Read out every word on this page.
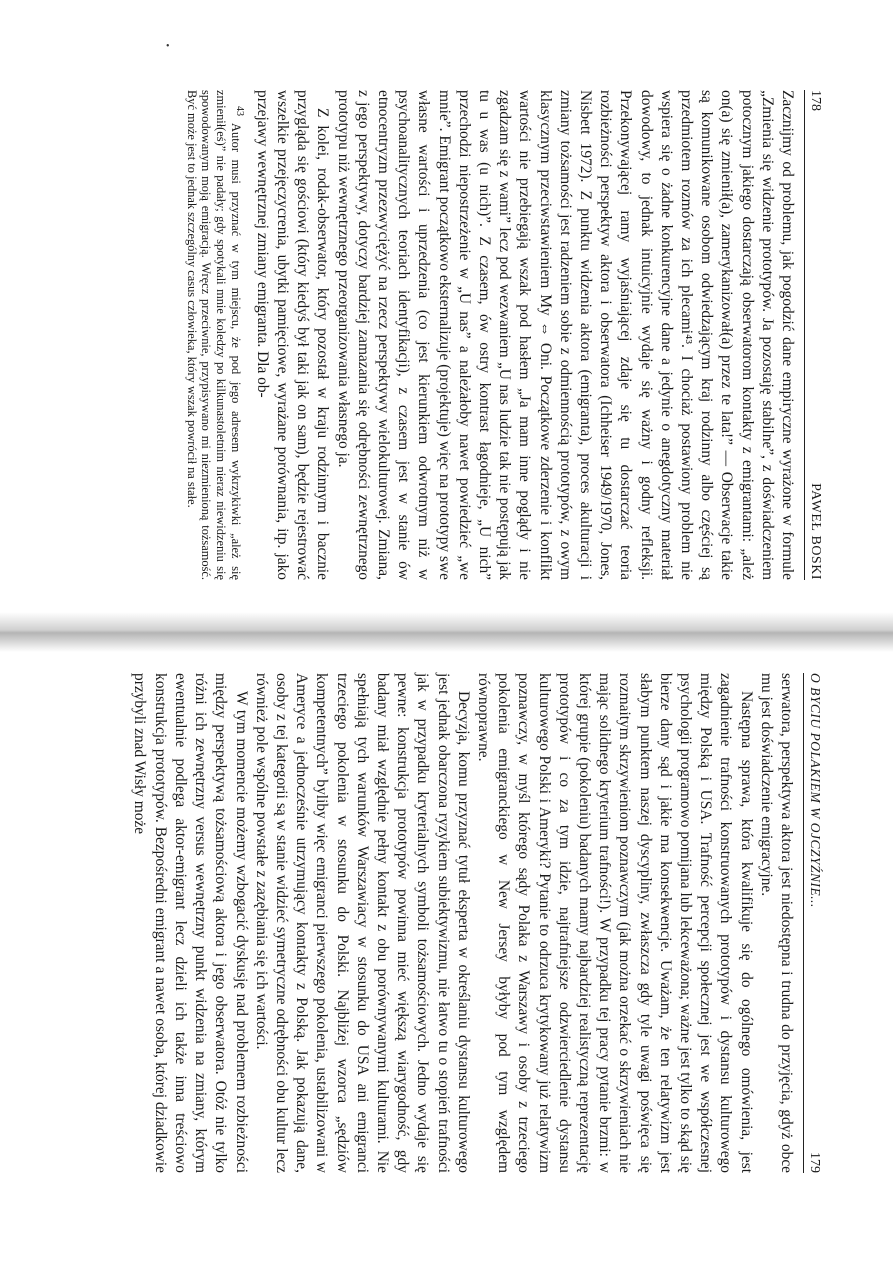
178
PAWEŁ BOSKI

Zacznijmy od problemu, jak pogodzić dane empiryczne wyrażone w formule „Zmienia się widzenie prototypów. Ja pozostaję stabilne”, z doświadczeniem potocznym jakiego dostarczają obserwatorom kontakty z emigrantami: „ależ on(a) się zmienił(a), zamerykanizował(a) przez te lata!” — Obserwacje takie są komunikowane osobom odwiedzającym kraj rodzinny albo częściej są przedmiotem rozmów za ich plecami⁴³. I chociaż postawiony problem nie wspiera się o żadne konkurencyjne dane a jedynie o anegdotyczny materiał dowodowy, to jednak intuicyjnie wydaje się ważny i godny refleksji. Przekonywającej ramy wyjaśniającej zdaje się tu dostarczać teoria rozbieżności perspektyw aktora i obserwatora (Ichheiser 1949/1970, Jones, Nisbett 1972). Z punktu widzenia aktora (emigranta), proces akulturacji i zmiany tożsamości jest radzeniem sobie z odmiennością prototypów, z owym klasycznym przeciwstawieniem My ⇔ Oni. Początkowe zderzenie i konflikt wartości nie przebiegają wszak pod hasłem „Ja mam inne poglądy i nie zgadzam się z wami” lecz pod wezwaniem „U nas ludzie tak nie postępują jak tu u was (u nich)”. Z czasem, ów ostry kontrast łagodnieje, „U nich” przechodzi niepostrzeżenie w „U nas” a należałoby nawet powiedzieć „we mnie”. Emigrant początkowo eksternalizuje (projektuje) więc na prototypy swe własne wartości i uprzedzenia (co jest kierunkiem odwrotnym niż w psychoanalitycznych teoriach identyfikacji), z czasem jest w stanie ów etnocentryzm przezwyciężyć na rzecz perspektywy wielokulturowej. Zmiana, z jego perspektywy, dotyczy bardziej zamazania się odrębności zewnętrznego prototypu niż wewnętrznego przeorganizowania własnego ja.

Z kolei, rodak-obserwator, który pozostał w kraju rodzinnym i bacznie przygląda się gościowi (który kiedyś był taki jak on sam), będzie rejestrować wszelkie przejęczycrenia, ubytki pamięciowe, wyrażane porównania, itp. jako przejawy wewnętrznej zmiany emigranta. Dla ob-

$^{43}$ Autor musi przyznać w tym miejscu, że pod jego adresem wykrzykiwki „ależ się zmienił(eś)” nie padały; gdy spotykali mnie koledzy po kilkunastoletnim nieraz niewidzeniu się spowodowanym moją emigracją. Wręcz przeciwnie, przypisywano mi niezmienioną tożsamość. Być może jest to jednak szczególny casus człowieka, który wszak powrócił na stałe.
O BYCIU POLAKIEM W OJCZYŹNIE...
179

serwatora, perspektywa aktora jest niedostępna i trudna do przyjęcia, gdyż obce mu jest doświadczenie emigracyjne.

Następna sprawa, która kwalifikuje się do ogólnego omówienia, jest zagadnienie trafności konstruowanych prototypów i dystansu kulturowego między Polską i USA. Trafność percepcji społecznej jest we współczesnej psychologii programowo pomijana lub lekceważona; ważne jest tylko to skąd się bierze dany sąd i jakie ma konsekwencje. Uważam, że ten relatywizm jest słabym punktem naszej dyscypliny, zwłaszcza gdy tyle uwagi poświęca się rozmaitym skrzywieniom poznawczym (jak można orzekać o skrzywieniach nie mając solidnego kryterium trafności!). W przypadku tej pracy pytanie brzmi: w której grupie (pokoleniu) badanych mamy najbardziej realistyczną reprezentację prototypów i co za tym idzie, najtrafniejsze odzwierciedlenie dystansu kulturowego Polski i Ameryki? Pytanie to odrzuca krytykowany już relatywizm poznawczy, w myśl którego sądy Polaka z Warszawy i osoby z trzeciego pokolenia emigranckiego w New Jersey byłyby pod tym względem równoprawne.

Decyzja, komu przyznać tytuł eksperta w określaniu dystansu kulturowego jest jednak obarczona ryzykiem subiektywizmu, nie łatwo tu o stopień trafności jak w przypadku kryterialnych symboli tożsamościowych. Jedno wydaje się pewne: konstrukcja prototypów powinna mieć większą wiarygodność, gdy badany miał względnie pełny kontakt z obu porównywanymi kulturami. Nie spełniają tych warunków Warszawiacy w stosunku do USA ani emigranci trzeciego pokolenia w stosunku do Polski. Najbliżej wzorca „sędziów kompetentnych” byliby więc emigranci pierwszego pokolenia, ustabilizowani w Ameryce a jednocześnie utrzymujący kontakty z Polską. Jak pokazują dane, osoby z tej kategorii są w stanie widzieć symetryczne odrębności obu kultur lecz również pole wspólne powstałe z zazębiania się ich wartości.

W tym momencie możemy wzbogacić dyskusję nad problemem rozbieżności między perspektywą tożsamościową aktora i jego obserwatora. Otóż nie tylko różni ich zewnętrzny versus wewnętrzny punkt widzenia na zmiany, którym ewentualnie podlega aktor-emigrant lecz dzieli ich także inna treściowo konstrukcja prototypów. Bezpośredni emigrant a nawet osoba, której dziadkowie przybyli znad Wisły może

•
